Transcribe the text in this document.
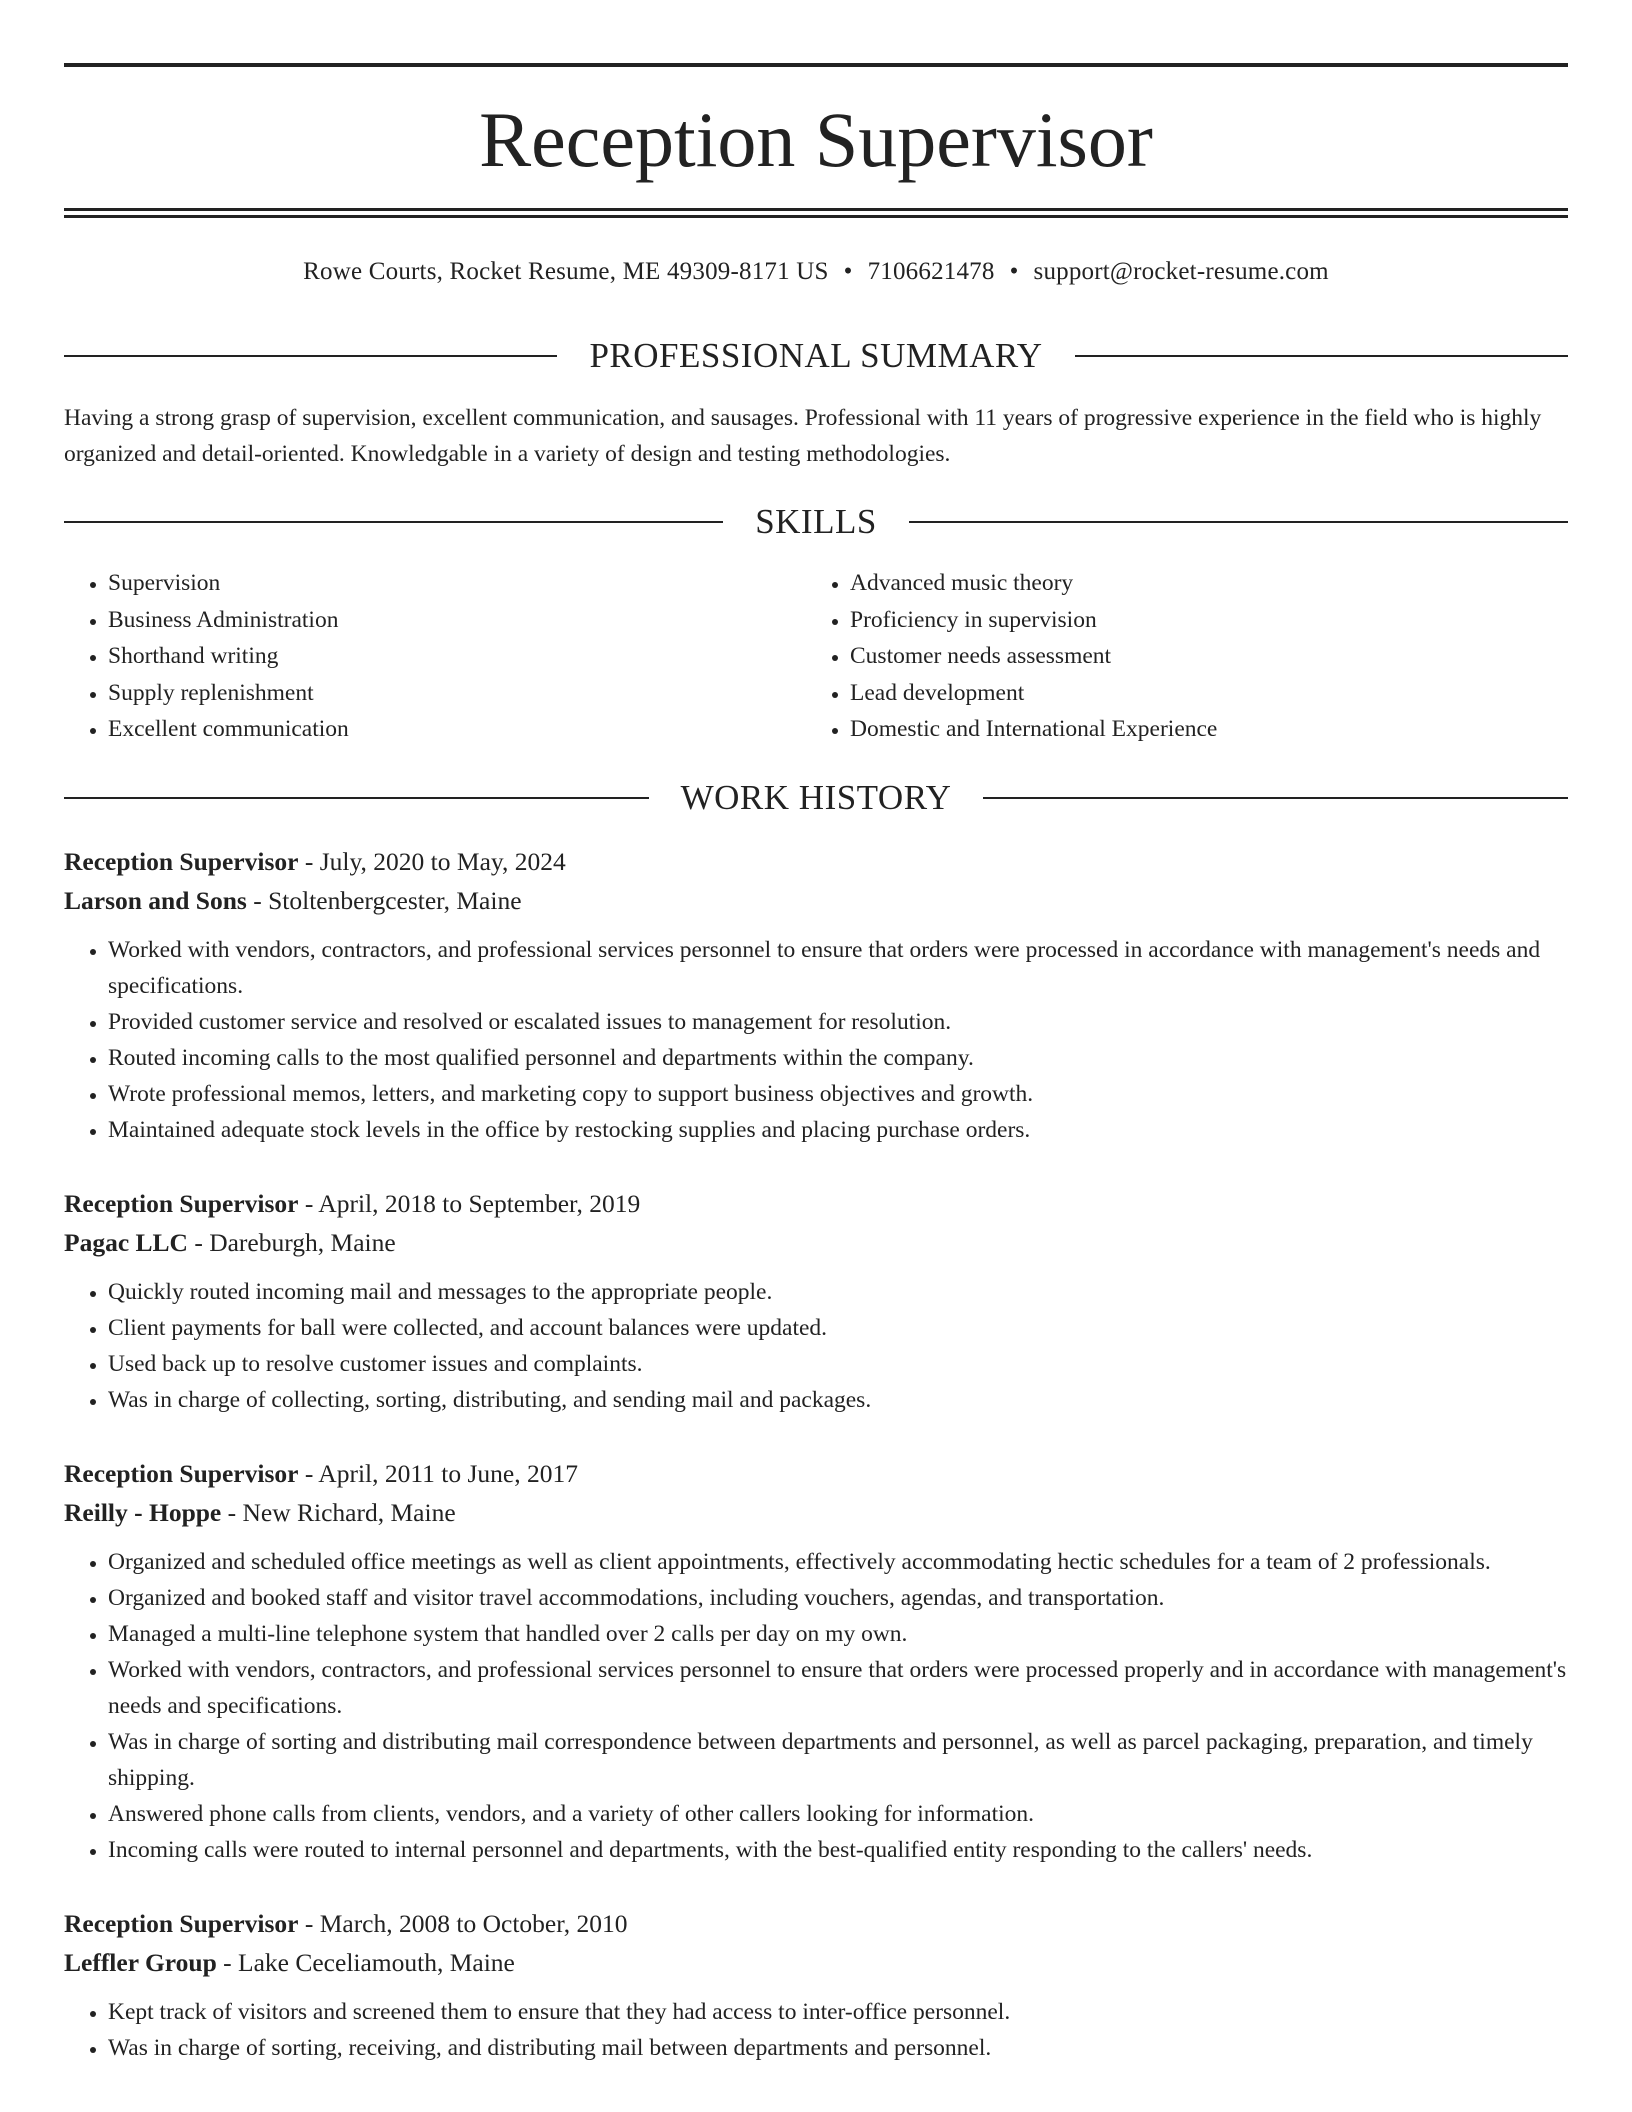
Reception Supervisor
Rowe Courts, Rocket Resume, ME 49309-8171 US • 7106621478 • support@rocket-resume.com
PROFESSIONAL SUMMARY

Having a strong grasp of supervision, excellent communication, and sausages. Professional with 11 years of progressive experience in the field who is highly organized and detail-oriented. Knowledgable in a variety of design and testing methodologies.

SKILLS
• Supervision
• Business Administration
• Shorthand writing
• Supply replenishment
• Excellent communication
• Advanced music theory
• Proficiency in supervision
• Customer needs assessment
• Lead development
• Domestic and International Experience
WORK HISTORY
Reception Supervisor - July, 2020 to May, 2024
Larson and Sons - Stoltenbergcester, Maine
• Worked with vendors, contractors, and professional services personnel to ensure that orders were processed in accordance with management's needs and specifications.
• Provided customer service and resolved or escalated issues to management for resolution.
• Routed incoming calls to the most qualified personnel and departments within the company.
• Wrote professional memos, letters, and marketing copy to support business objectives and growth.
• Maintained adequate stock levels in the office by restocking supplies and placing purchase orders.
Reception Supervisor - April, 2018 to September, 2019
Pagac LLC - Dareburgh, Maine
• Quickly routed incoming mail and messages to the appropriate people.
• Client payments for ball were collected, and account balances were updated.
• Used back up to resolve customer issues and complaints.
• Was in charge of collecting, sorting, distributing, and sending mail and packages.
Reception Supervisor - April, 2011 to June, 2017
Reilly - Hoppe - New Richard, Maine
• Organized and scheduled office meetings as well as client appointments, effectively accommodating hectic schedules for a team of 2 professionals.
• Organized and booked staff and visitor travel accommodations, including vouchers, agendas, and transportation.
• Managed a multi-line telephone system that handled over 2 calls per day on my own.
• Worked with vendors, contractors, and professional services personnel to ensure that orders were processed properly and in accordance with management's needs and specifications.
• Was in charge of sorting and distributing mail correspondence between departments and personnel, as well as parcel packaging, preparation, and timely shipping.
• Answered phone calls from clients, vendors, and a variety of other callers looking for information.
• Incoming calls were routed to internal personnel and departments, with the best-qualified entity responding to the callers' needs.
Reception Supervisor - March, 2008 to October, 2010
Leffler Group - Lake Ceceliamouth, Maine
• Kept track of visitors and screened them to ensure that they had access to inter-office personnel.
• Was in charge of sorting, receiving, and distributing mail between departments and personnel.
